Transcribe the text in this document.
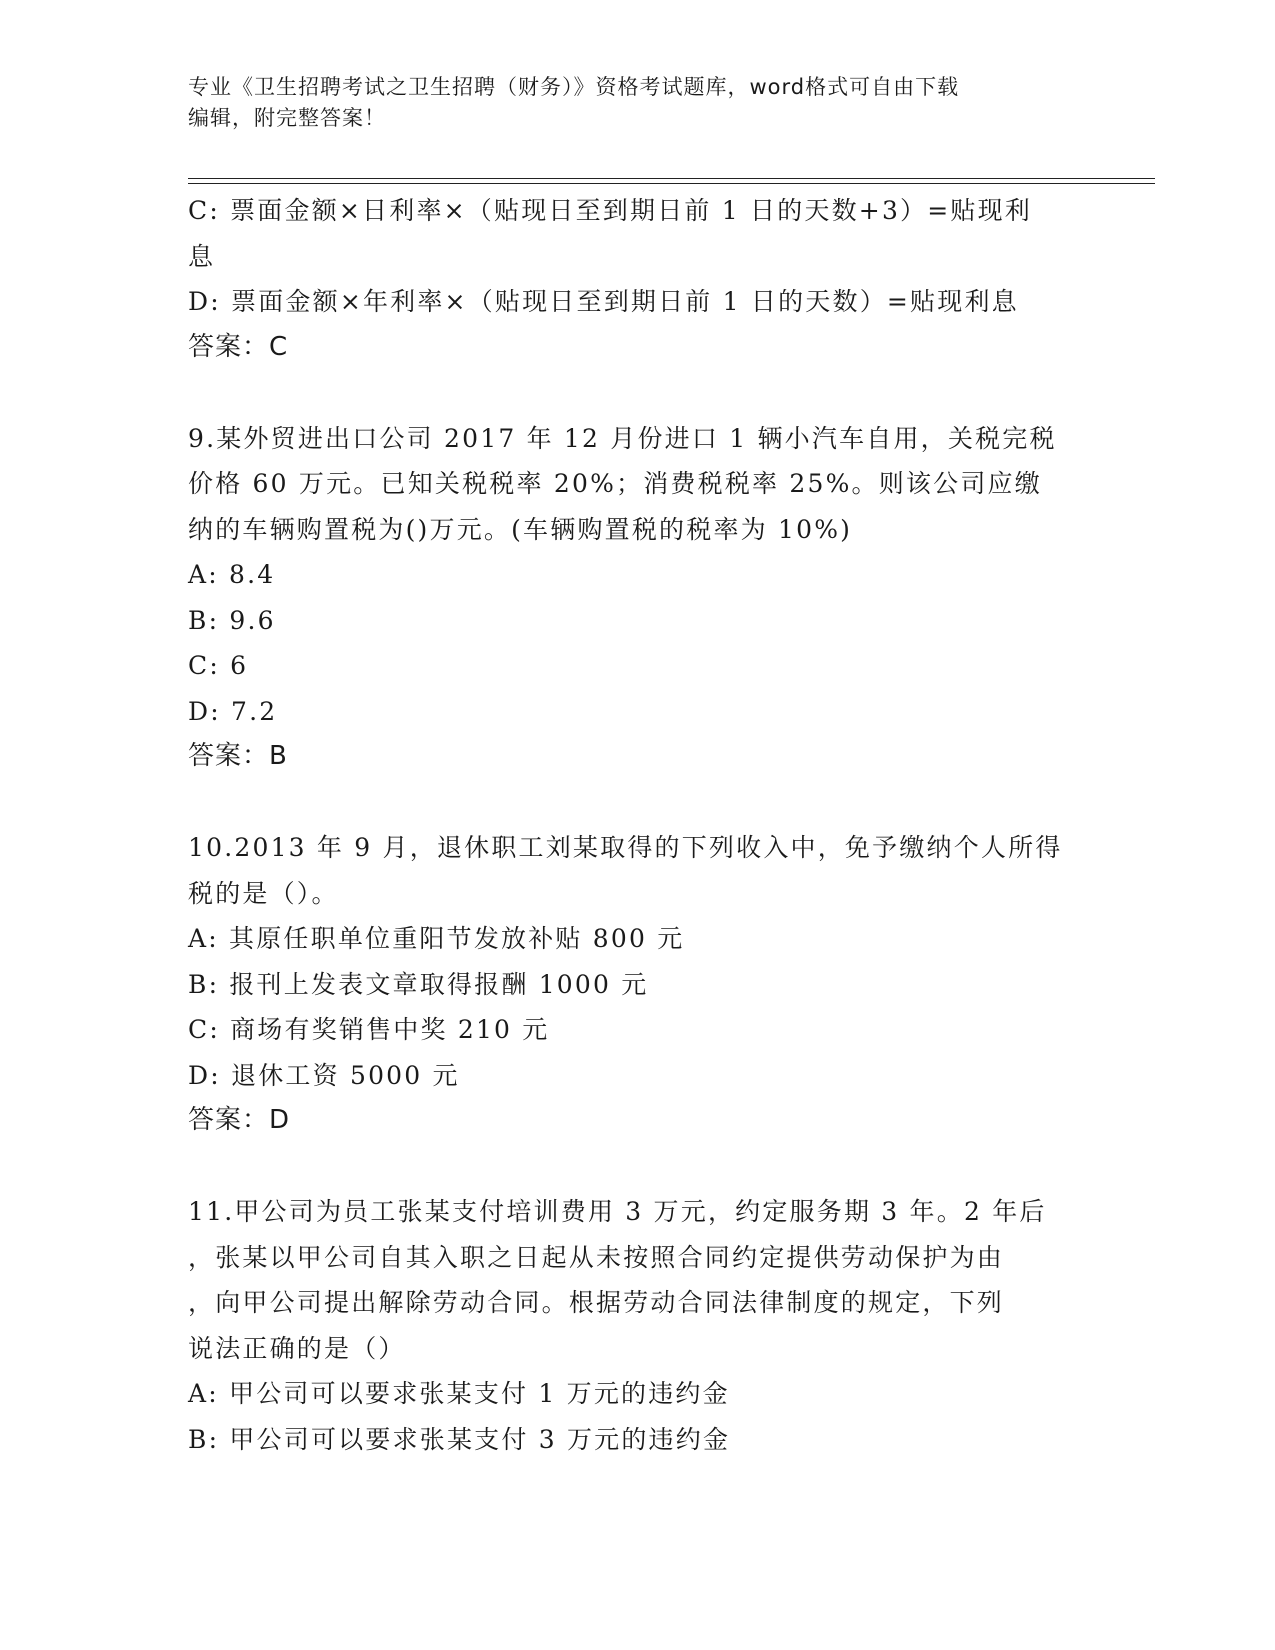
专业《卫生招聘考试之卫生招聘（财务）》资格考试题库，word格式可自由下载
编辑，附完整答案！
C: 票面金额×日利率×（贴现日至到期日前 1 日的天数+3）=贴现利
息
D: 票面金额×年利率×（贴现日至到期日前 1 日的天数）=贴现利息
答案：C
9.某外贸进出口公司 2017 年 12 月份进口 1 辆小汽车自用，关税完税
价格 60 万元。已知关税税率 20%；消费税税率 25%。则该公司应缴
纳的车辆购置税为()万元。(车辆购置税的税率为 10%)
A: 8.4
B: 9.6
C: 6
D: 7.2
答案：B
10.2013 年 9 月，退休职工刘某取得的下列收入中，免予缴纳个人所得
税的是（）。
A: 其原任职单位重阳节发放补贴 800 元
B: 报刊上发表文章取得报酬 1000 元
C: 商场有奖销售中奖 210 元
D: 退休工资 5000 元
答案：D
11.甲公司为员工张某支付培训费用 3 万元，约定服务期 3 年。2 年后
，张某以甲公司自其入职之日起从未按照合同约定提供劳动保护为由
，向甲公司提出解除劳动合同。根据劳动合同法律制度的规定，下列
说法正确的是（）
A: 甲公司可以要求张某支付 1 万元的违约金
B: 甲公司可以要求张某支付 3 万元的违约金
